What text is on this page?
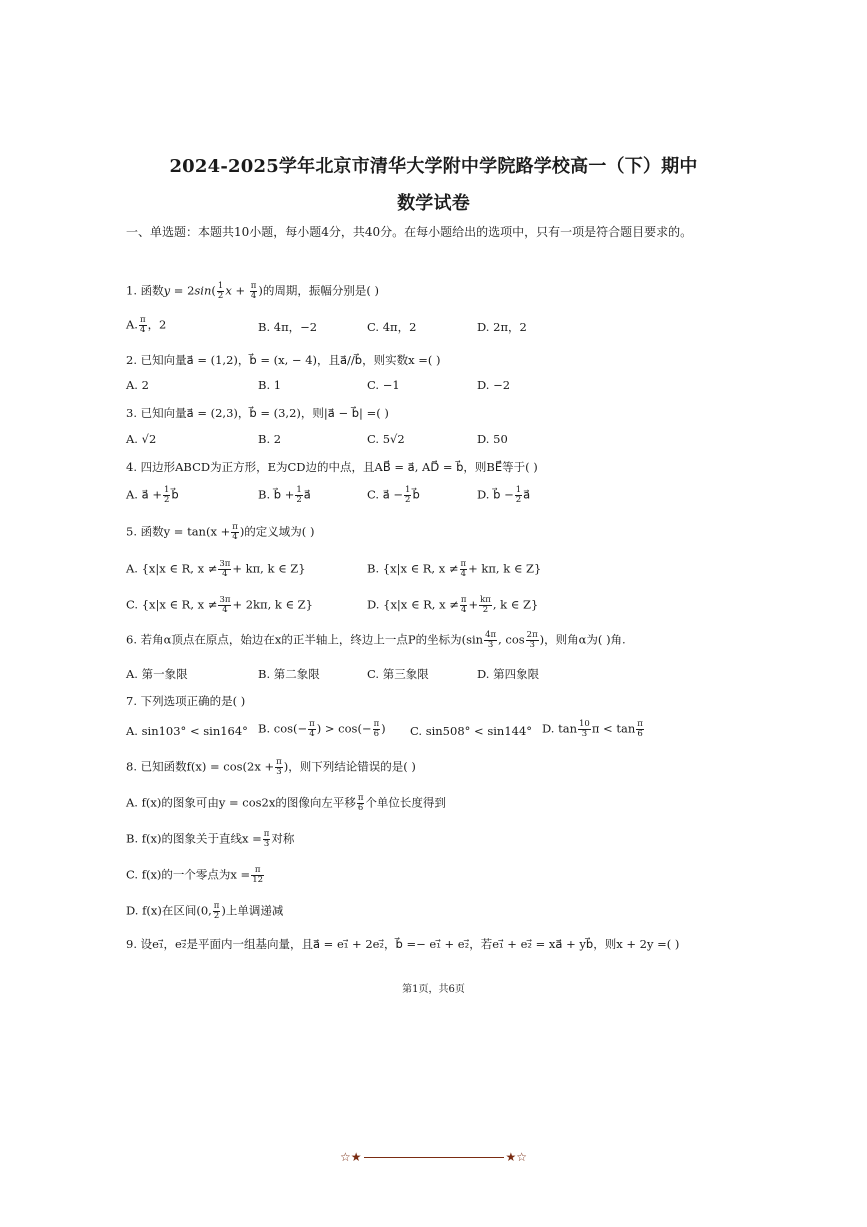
2024-2025学年北京市清华大学附中学院路学校高一（下）期中
数学试卷
一、单选题：本题共10小题，每小题4分，共40分。在每小题给出的选项中，只有一项是符合题目要求的。
1. 函数$y = 2\sin( \frac{1}{2}$ $x + \frac{\pi}{4}$ )的周期，振幅分别是( )
A. $\frac{\pi}{4}$ ，2	B. 4π，−2	C. 4π，2	D. 2π，2
2. 已知向量a⃗ = (1,2)，b⃗ = (x, − 4)，且a⃗//b⃗，则实数x =( )
A. 2	B. 1	C. −1	D. −2
3. 已知向量a⃗ = (2,3)，b⃗ = (3,2)，则|a⃗ − b⃗| =( )
A. √2	B. 2	C. 5√2	D. 50
4. 四边形ABCD为正方形，E为CD边的中点，且AB⃗ = a⃗, AD⃗ = b⃗，则BE⃗等于( )
A. a⃗ + $\frac{1}{2}$ b⃗	B. b⃗ + $\frac{1}{2}$ a⃗	C. a⃗ − $\frac{1}{2}$ b⃗	D. b⃗ − $\frac{1}{2}$ a⃗
5. 函数$y = \tan(x + \frac{\pi}{4}$ )的定义域为( )
A. {x|x ∈ R, $x \ne \frac{3\pi}{4} + k\pi$, k ∈ Z}	B. {x|x ∈ R, $x \ne \frac{\pi}{4} + k\pi$, k ∈ Z}
C. {x|x ∈ R, $x \ne \frac{3\pi}{4} + 2k\pi$, k ∈ Z}	D. {x|x ∈ R, $x \ne \frac{\pi}{4} + \frac{k\pi}{2}$ , k ∈ Z}
6. 若角α顶点在原点，始边在x的正半轴上，终边上一点P的坐标为($\sin \frac{4\pi}{3}$ , $\cos \frac{2\pi}{3}$ )，则角α为( )角.
A. 第一象限	B. 第二象限	C. 第三象限	D. 第四象限
7. 下列选项正确的是( )
A. sin103° < sin164° B. $\cos(- \frac{\pi}{4}$ ) > $\cos(- \frac{\pi}{6}$ ) C. sin508° < sin144° D. $\tan \frac{10}{3}$ $\pi < \tan \frac{\pi}{6}$
8. 已知函数$f(x) = \cos(2x + \frac{\pi}{3}$ )，则下列结论错误的是( )
A. f(x)的图象可由y = cos2x的图像向左平移 $\frac{\pi}{6}$ 个单位长度得到
B. f(x)的图象关于直线$x = \frac{\pi}{3}$ 对称
C. f(x)的一个零点为$x = \frac{\pi}{12}$
D. f(x)在区间(0, $\frac{\pi}{2}$ )上单调递减
9. 设e₁⃗，e₂⃗是平面内一组基向量，且a⃗ = e₁⃗ + 2e₂⃗，b⃗ =− e₁⃗ + e₂⃗，若e₁⃗ + e₂⃗ = xa⃗ + yb⃗，则x + 2y =( )
第1页，共6页
☆★	★☆
